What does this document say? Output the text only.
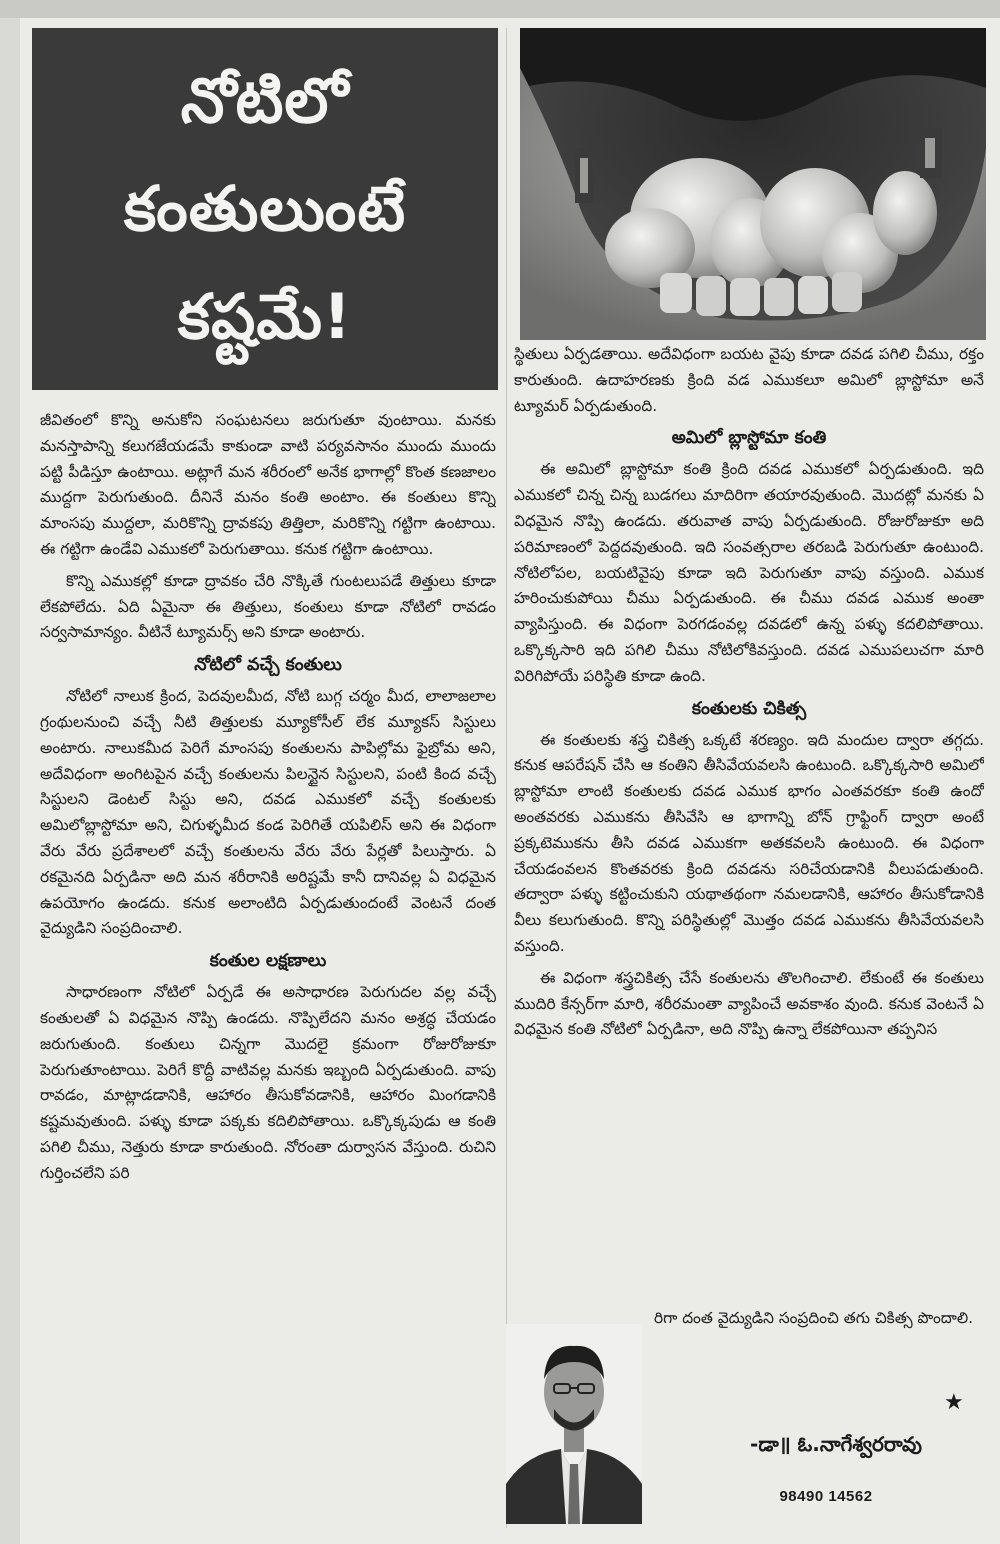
నోటిలో
కంతులుంటే
కష్టమే!

జీవితంలో కొన్ని అనుకోని సంఘటనలు జరుగుతూ వుంటాయి. మనకు మనస్తాపాన్ని కలుగజేయడమే కాకుండా వాటి పర్యవసానం ముందు ముందు పట్టి పీడిస్తూ ఉంటాయి. అట్లాగే మన శరీరంలో అనేక భాగాల్లో కొంత కణజాలం ముద్దగా పెరుగుతుంది. దీనినే మనం కంతి అంటాం. ఈ కంతులు కొన్ని మాంసపు ముద్దలా, మరికొన్ని ద్రావకపు తిత్తిలా, మరికొన్ని గట్టిగా ఉంటాయి. ఈ గట్టిగా ఉండేవి ఎముకలో పెరుగుతాయి. కనుక గట్టిగా ఉంటాయి.

కొన్ని ఎముకల్లో కూడా ద్రావకం చేరి నొక్కితే గుంటలుపడే తిత్తులు కూడా లేకపోలేదు. ఏది ఏమైనా ఈ తిత్తులు, కంతులు కూడా నోటిలో రావడం సర్వసామాన్యం. వీటినే ట్యూమర్స్ అని కూడా అంటారు.

నోటిలో వచ్చే కంతులు

నోటిలో నాలుక క్రింద, పెదవులమీద, నోటి బుగ్గ చర్మం మీద, లాలాజలాల గ్రంథులనుంచి వచ్చే నీటి తిత్తులకు మ్యూకోసీల్ లేక మ్యూకస్ సిస్టులు అంటారు. నాలుకమీద పెరిగే మాంసపు కంతులను పాపిల్లోమ ఫైబ్రోమ అని, అదేవిధంగా అంగిటపైన వచ్చే కంతులను పిలన్టైన సిస్టులని, పంటి కింద వచ్చే సిస్టులని డెంటల్ సిస్టు అని, దవడ ఎముకలో వచ్చే కంతులకు అమిలోబ్లాస్టోమా అని, చిగుళ్ళమీద కండ పెరిగితే యపిలిస్ అని ఈ విధంగా వేరు వేరు ప్రదేశాలలో వచ్చే కంతులను వేరు వేరు పేర్లతో పిలుస్తారు. ఏ రకమైనది ఏర్పడినా అది మన శరీరానికి అరిష్టమే కానీ దానివల్ల ఏ విధమైన ఉపయోగం ఉండదు. కనుక అలాంటిది ఏర్పడుతుందంటే వెంటనే దంత వైద్యుడిని సంప్రదించాలి.

కంతుల లక్షణాలు

సాధారణంగా నోటిలో ఏర్పడే ఈ అసాధారణ పెరుగుదల వల్ల వచ్చే కంతులతో ఏ విధమైన నొప్పి ఉండదు. నొప్పిలేదని మనం అశ్రద్ధ చేయడం జరుగుతుంది. కంతులు చిన్నగా మొదలై క్రమంగా రోజురోజుకూ పెరుగుతూంటాయి. పెరిగే కొద్దీ వాటివల్ల మనకు ఇబ్బంది ఏర్పడుతుంది. వాపు రావడం, మాట్లాడడానికి, ఆహారం తీసుకోవడానికి, ఆహారం మింగడానికి కష్టమవుతుంది. పళ్ళు కూడా పక్కకు కదిలిపోతాయి. ఒక్కొక్కపుడు ఆ కంతి పగిలి చీము, నెత్తురు కూడా కారుతుంది. నోరంతా దుర్వాసన వేస్తుంది. రుచిని గుర్తించలేని పరి

స్థితులు ఏర్పడతాయి. అదేవిధంగా బయట వైపు కూడా దవడ పగిలి చీము, రక్తం కారుతుంది. ఉదాహరణకు క్రింది వడ ఎముకలూ అమిలో బ్లాస్టోమా అనే ట్యూమర్ ఏర్పడుతుంది.

అమిలో బ్లాస్టోమా కంతి

ఈ అమిలో బ్లాస్టోమా కంతి క్రింది దవడ ఎముకలో ఏర్పడుతుంది. ఇది ఎముకలో చిన్న చిన్న బుడగలు మాదిరిగా తయారవుతుంది. మొదట్లో మనకు ఏ విధమైన నొప్పి ఉండదు. తరువాత వాపు ఏర్పడుతుంది. రోజురోజుకూ అది పరిమాణంలో పెద్దదవుతుంది. ఇది సంవత్సరాల తరబడి పెరుగుతూ ఉంటుంది. నోటిలోపల, బయటివైపు కూడా ఇది పెరుగుతూ వాపు వస్తుంది. ఎముక హరించుకుపోయి చీము ఏర్పడుతుంది. ఈ చీము దవడ ఎముక అంతా వ్యాపిస్తుంది. ఈ విధంగా పెరగడంవల్ల దవడలో ఉన్న పళ్ళు కదలిపోతాయి. ఒక్కొక్కసారి ఇది పగిలి చీము నోటిలోకివస్తుంది. దవడ ఎముపలుచగా మారి విరిగిపోయే పరిస్థితి కూడా ఉంది.

కంతులకు చికిత్స

ఈ కంతులకు శస్త్ర చికిత్స ఒక్కటే శరణ్యం. ఇది మందుల ద్వారా తగ్గదు. కనుక ఆపరేషన్ చేసి ఆ కంతిని తీసివేయవలసి ఉంటుంది. ఒక్కొక్కసారి అమిలో బ్లాస్టోమా లాంటి కంతులకు దవడ ఎముక భాగం ఎంతవరకూ కంతి ఉందో అంతవరకు ఎముకను తీసివేసి ఆ భాగాన్ని బోన్ గ్రాఫ్టింగ్ ద్వారా అంటే ప్రక్కటెముకను తీసి దవడ ఎముకగా అతకవలసి ఉంటుంది. ఈ విధంగా చేయడంవలన కొంతవరకు క్రింది దవడను సరిచేయడానికి వీలుపడుతుంది. తద్వారా పళ్ళు కట్టించుకుని యథాతథంగా నమలడానికి, ఆహారం తీసుకోడానికి వీలు కలుగుతుంది. కొన్ని పరిస్థితుల్లో మొత్తం దవడ ఎముకను తీసివేయవలసి వస్తుంది.

ఈ విధంగా శస్త్రచికిత్స చేసే కంతులను తొలగించాలి. లేకుంటే ఈ కంతులు ముదిరి కేన్సర్‌గా మారి, శరీరమంతా వ్యాపించే అవకాశం వుంది. కనుక వెంటనే ఏ విధమైన కంతి నోటిలో ఏర్పడినా, అది నొప్పి ఉన్నా లేకపోయినా తప్పనిస

రిగా దంత వైద్యుడిని సంప్రదించి తగు చికిత్స పొందాలి.

★
-డా॥ ఓ.నాగేశ్వరరావు
98490 14562
